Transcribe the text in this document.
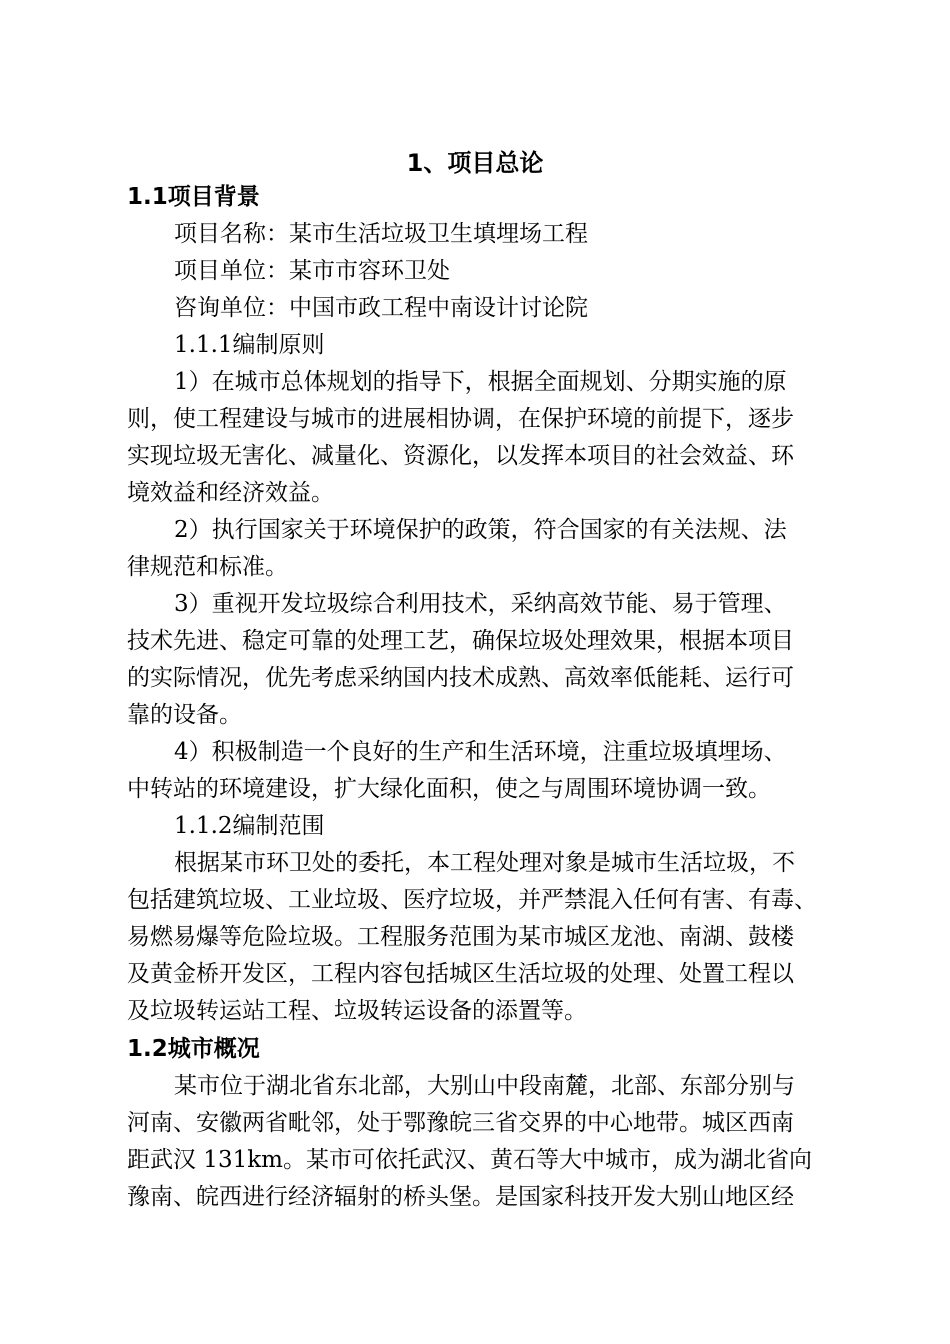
1、项目总论
1.1项目背景
项目名称：某市生活垃圾卫生填埋场工程
项目单位：某市市容环卫处
咨询单位：中国市政工程中南设计讨论院
1.1.1编制原则
1）在城市总体规划的指导下，根据全面规划、分期实施的原
则，使工程建设与城市的进展相协调，在保护环境的前提下，逐步
实现垃圾无害化、减量化、资源化，以发挥本项目的社会效益、环
境效益和经济效益。
2）执行国家关于环境保护的政策，符合国家的有关法规、法
律规范和标准。
3）重视开发垃圾综合利用技术，采纳高效节能、易于管理、
技术先进、稳定可靠的处理工艺，确保垃圾处理效果，根据本项目
的实际情况，优先考虑采纳国内技术成熟、高效率低能耗、运行可
靠的设备。
4）积极制造一个良好的生产和生活环境，注重垃圾填埋场、
中转站的环境建设，扩大绿化面积，使之与周围环境协调一致。
1.1.2编制范围
根据某市环卫处的委托，本工程处理对象是城市生活垃圾，不
包括建筑垃圾、工业垃圾、医疗垃圾，并严禁混入任何有害、有毒、
易燃易爆等危险垃圾。工程服务范围为某市城区龙池、南湖、鼓楼
及黄金桥开发区，工程内容包括城区生活垃圾的处理、处置工程以
及垃圾转运站工程、垃圾转运设备的添置等。
1.2城市概况
某市位于湖北省东北部，大别山中段南麓，北部、东部分别与
河南、安徽两省毗邻，处于鄂豫皖三省交界的中心地带。城区西南
距武汉 131km。某市可依托武汉、黄石等大中城市，成为湖北省向
豫南、皖西进行经济辐射的桥头堡。是国家科技开发大别山地区经
